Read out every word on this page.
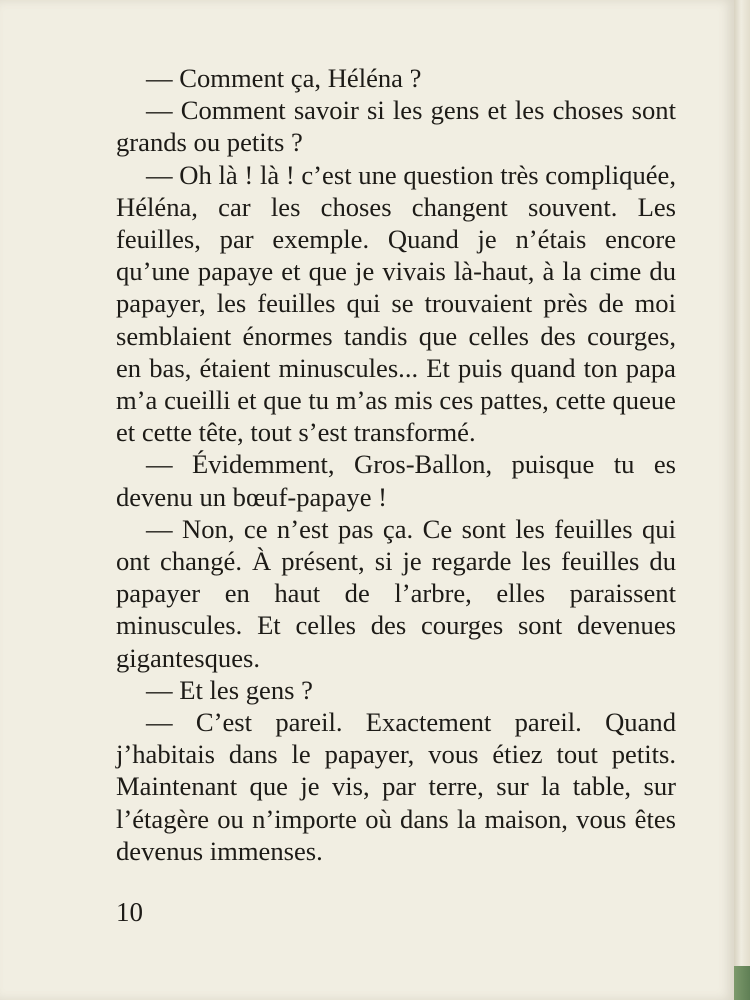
— Comment ça, Héléna ?

— Comment savoir si les gens et les choses sont grands ou petits ?

— Oh là ! là ! c’est une question très compliquée, Héléna, car les choses changent souvent. Les feuilles, par exemple. Quand je n’étais encore qu’une papaye et que je vivais là-haut, à la cime du papayer, les feuilles qui se trouvaient près de moi semblaient énormes tandis que celles des courges, en bas, étaient minuscules... Et puis quand ton papa m’a cueilli et que tu m’as mis ces pattes, cette queue et cette tête, tout s’est transformé.

— Évidemment, Gros-Ballon, puisque tu es devenu un bœuf-papaye !

— Non, ce n’est pas ça. Ce sont les feuilles qui ont changé. À présent, si je regarde les feuilles du papayer en haut de l’arbre, elles paraissent minuscules. Et celles des courges sont devenues gigantesques.

— Et les gens ?

— C’est pareil. Exactement pareil. Quand j’habitais dans le papayer, vous étiez tout petits. Maintenant que je vis, par terre, sur la table, sur l’étagère ou n’importe où dans la maison, vous êtes devenus immenses.

10
